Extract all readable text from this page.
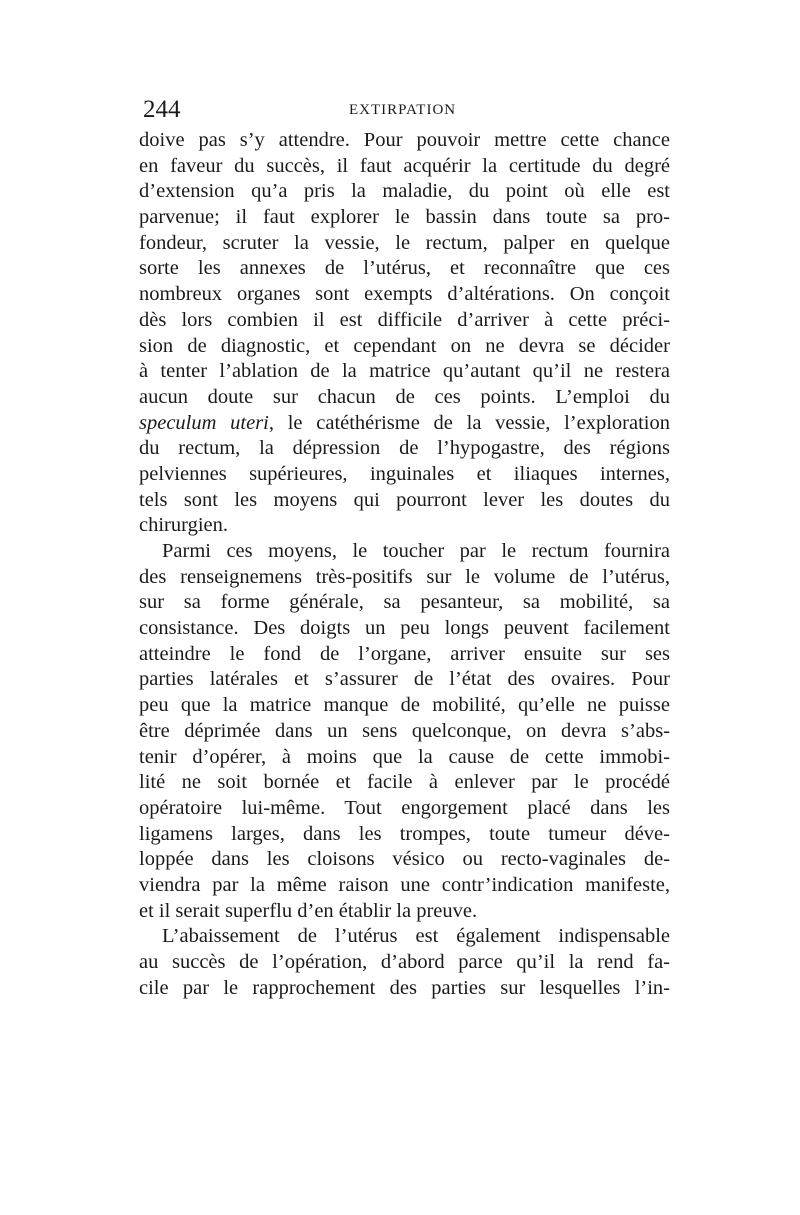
244	EXTIRPATION
doive pas s’y attendre. Pour pouvoir mettre cette chance
en faveur du succès, il faut acquérir la certitude du degré
d’extension qu’a pris la maladie, du point où elle est
parvenue; il faut explorer le bassin dans toute sa pro-
fondeur, scruter la vessie, le rectum, palper en quelque
sorte les annexes de l’utérus, et reconnaître que ces
nombreux organes sont exempts d’altérations. On conçoit
dès lors combien il est difficile d’arriver à cette préci-
sion de diagnostic, et cependant on ne devra se décider
à tenter l’ablation de la matrice qu’autant qu’il ne restera
aucun doute sur chacun de ces points. L’emploi du
speculum uteri, le catéthérisme de la vessie, l’exploration
du rectum, la dépression de l’hypogastre, des régions
pelviennes supérieures, inguinales et iliaques internes,
tels sont les moyens qui pourront lever les doutes du
chirurgien.
Parmi ces moyens, le toucher par le rectum fournira
des renseignemens très-positifs sur le volume de l’utérus,
sur sa forme générale, sa pesanteur, sa mobilité, sa
consistance. Des doigts un peu longs peuvent facilement
atteindre le fond de l’organe, arriver ensuite sur ses
parties latérales et s’assurer de l’état des ovaires. Pour
peu que la matrice manque de mobilité, qu’elle ne puisse
être déprimée dans un sens quelconque, on devra s’abs-
tenir d’opérer, à moins que la cause de cette immobi-
lité ne soit bornée et facile à enlever par le procédé
opératoire lui-même. Tout engorgement placé dans les
ligamens larges, dans les trompes, toute tumeur déve-
loppée dans les cloisons vésico ou recto-vaginales de-
viendra par la même raison une contr’indication manifeste,
et il serait superflu d’en établir la preuve.
L’abaissement de l’utérus est également indispensable
au succès de l’opération, d’abord parce qu’il la rend fa-
cile par le rapprochement des parties sur lesquelles l’in-
